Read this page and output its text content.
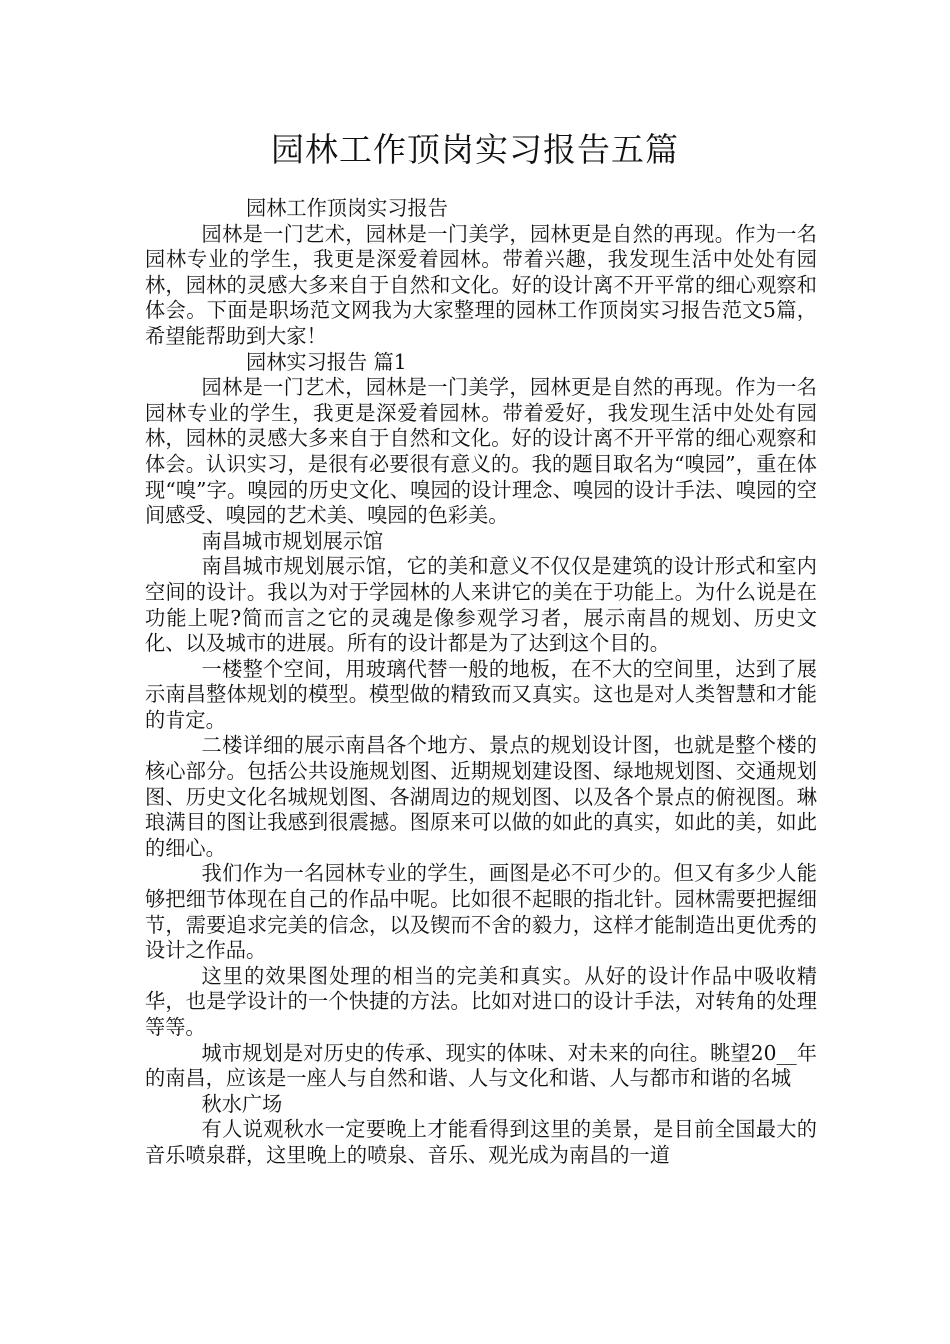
园林工作顶岗实习报告五篇

园林工作顶岗实习报告

园林是一门艺术，园林是一门美学，园林更是自然的再现。作为一名园林专业的学生，我更是深爱着园林。带着兴趣，我发现生活中处处有园林，园林的灵感大多来自于自然和文化。好的设计离不开平常的细心观察和体会。下面是职场范文网我为大家整理的园林工作顶岗实习报告范文5篇，希望能帮助到大家！

园林实习报告 篇1

园林是一门艺术，园林是一门美学，园林更是自然的再现。作为一名园林专业的学生，我更是深爱着园林。带着爱好，我发现生活中处处有园林，园林的灵感大多来自于自然和文化。好的设计离不开平常的细心观察和体会。认识实习，是很有必要很有意义的。我的题目取名为“嗅园”，重在体现“嗅”字。嗅园的历史文化、嗅园的设计理念、嗅园的设计手法、嗅园的空间感受、嗅园的艺术美、嗅园的色彩美。

南昌城市规划展示馆

南昌城市规划展示馆，它的美和意义不仅仅是建筑的设计形式和室内空间的设计。我以为对于学园林的人来讲它的美在于功能上。为什么说是在功能上呢?简而言之它的灵魂是像参观学习者，展示南昌的规划、历史文化、以及城市的进展。所有的设计都是为了达到这个目的。

一楼整个空间，用玻璃代替一般的地板，在不大的空间里，达到了展示南昌整体规划的模型。模型做的精致而又真实。这也是对人类智慧和才能的肯定。

二楼详细的展示南昌各个地方、景点的规划设计图，也就是整个楼的核心部分。包括公共设施规划图、近期规划建设图、绿地规划图、交通规划图、历史文化名城规划图、各湖周边的规划图、以及各个景点的俯视图。琳琅满目的图让我感到很震撼。图原来可以做的如此的真实，如此的美，如此的细心。

我们作为一名园林专业的学生，画图是必不可少的。但又有多少人能够把细节体现在自己的作品中呢。比如很不起眼的指北针。园林需要把握细节，需要追求完美的信念，以及锲而不舍的毅力，这样才能制造出更优秀的设计之作品。

这里的效果图处理的相当的完美和真实。从好的设计作品中吸收精华，也是学设计的一个快捷的方法。比如对进口的设计手法，对转角的处理等等。

城市规划是对历史的传承、现实的体味、对未来的向往。眺望20__年的南昌，应该是一座人与自然和谐、人与文化和谐、人与都市和谐的名城

秋水广场

有人说观秋水一定要晚上才能看得到这里的美景，是目前全国最大的音乐喷泉群，这里晚上的喷泉、音乐、观光成为南昌的一道
